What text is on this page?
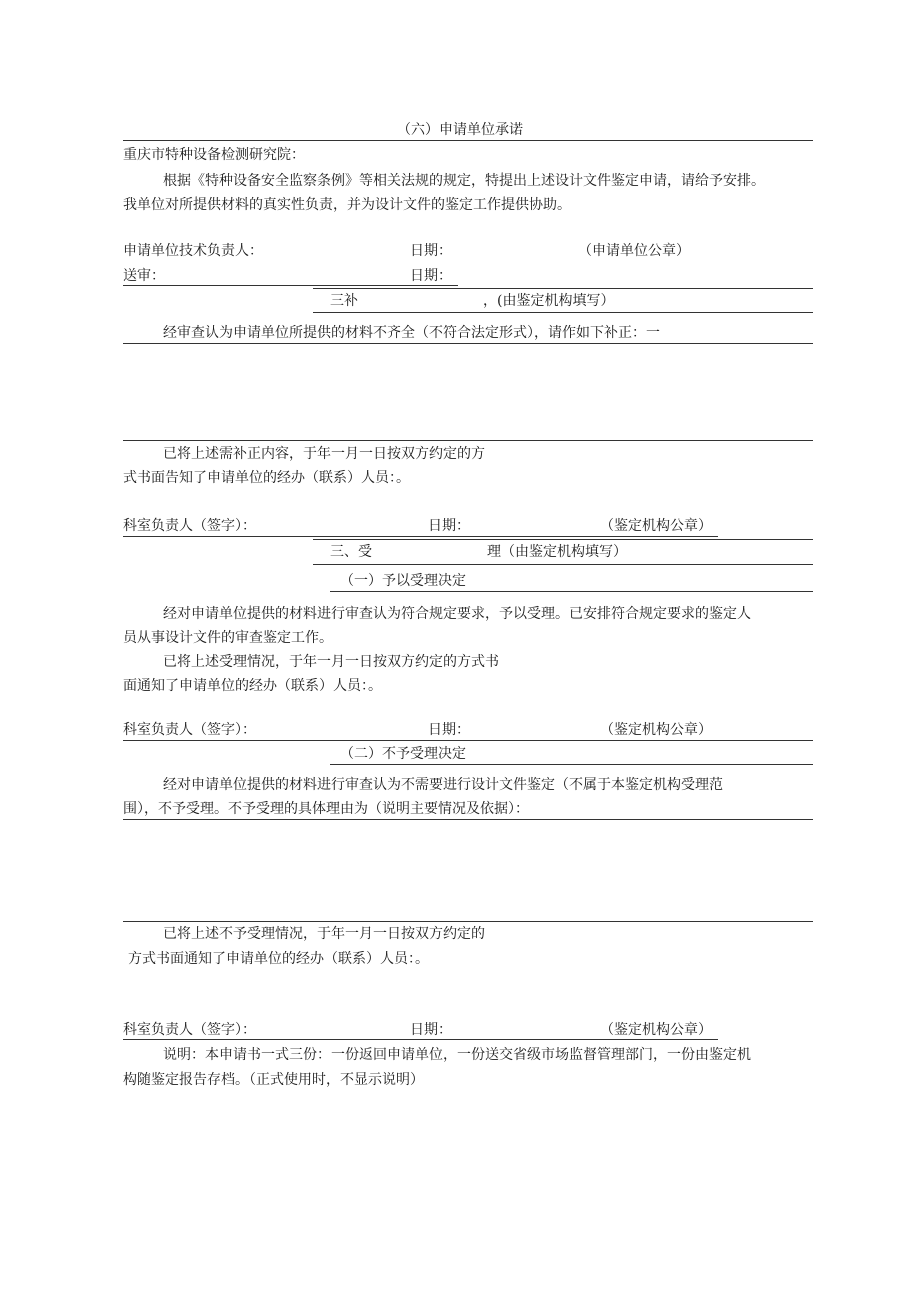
（六）申请单位承诺
重庆市特种设备检测研究院：
根据《特种设备安全监察条例》等相关法规的规定，特提出上述设计文件鉴定申请，请给予安排。
我单位对所提供材料的真实性负责，并为设计文件的鉴定工作提供协助。
申请单位技术负责人：	日期：	（申请单位公章）
送审：	日期：
三补	，(由鉴定机构填写）
经审查认为申请单位所提供的材料不齐全（不符合法定形式），请作如下补正：一
已将上述需补正内容，于年一月一日按双方约定的方
式书面告知了申请单位的经办（联系）人员：。
科室负责人（签字）：	日期：	（鉴定机构公章）
三、受	理（由鉴定机构填写）
（一）予以受理决定
经对申请单位提供的材料进行审查认为符合规定要求，予以受理。已安排符合规定要求的鉴定人
员从事设计文件的审查鉴定工作。
已将上述受理情况，于年一月一日按双方约定的方式书
面通知了申请单位的经办（联系）人员：。
科室负责人（签字）：	日期：	（鉴定机构公章）
（二）不予受理决定
经对申请单位提供的材料进行审查认为不需要进行设计文件鉴定（不属于本鉴定机构受理范
围），不予受理。不予受理的具体理由为（说明主要情况及依据）：
已将上述不予受理情况，于年一月一日按双方约定的
方式书面通知了申请单位的经办（联系）人员：。
科室负责人（签字）：	日期：	（鉴定机构公章）
说明：本申请书一式三份：一份返回申请单位，一份送交省级市场监督管理部门，一份由鉴定机
构随鉴定报告存档。（正式使用时，不显示说明）
